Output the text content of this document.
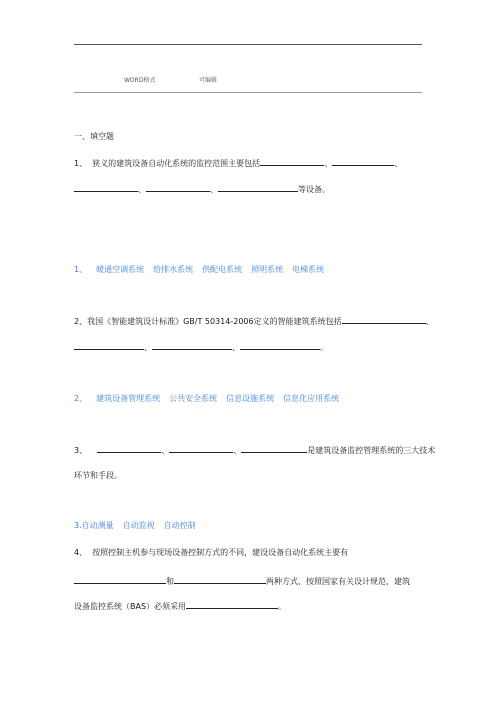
WORD格式	可编辑
一、填空题
1、 狭义的建筑设备自动化系统的监控范围主要包括	、	、
、	、	等设备。
1、 暖通空调系统 给排水系统 供配电系统 照明系统 电梯系统
2、我国《智能建筑设计标准》GB/T 50314-2006定义的智能建筑系统包括	、
、	、	。
2、 建筑设备管理系统 公共安全系统 信息设施系统 信息化应用系统
3、	、	、	是建筑设备监控管理系统的三大技术
环节和手段。
3.自动测量 自动监视 自动控制
4、 按照控制主机参与现场设备控制方式的不同，建设设备自动化系统主要有
和	两种方式，按照国家有关设计规范，建筑
设备监控系统（BAS）必须采用	。
